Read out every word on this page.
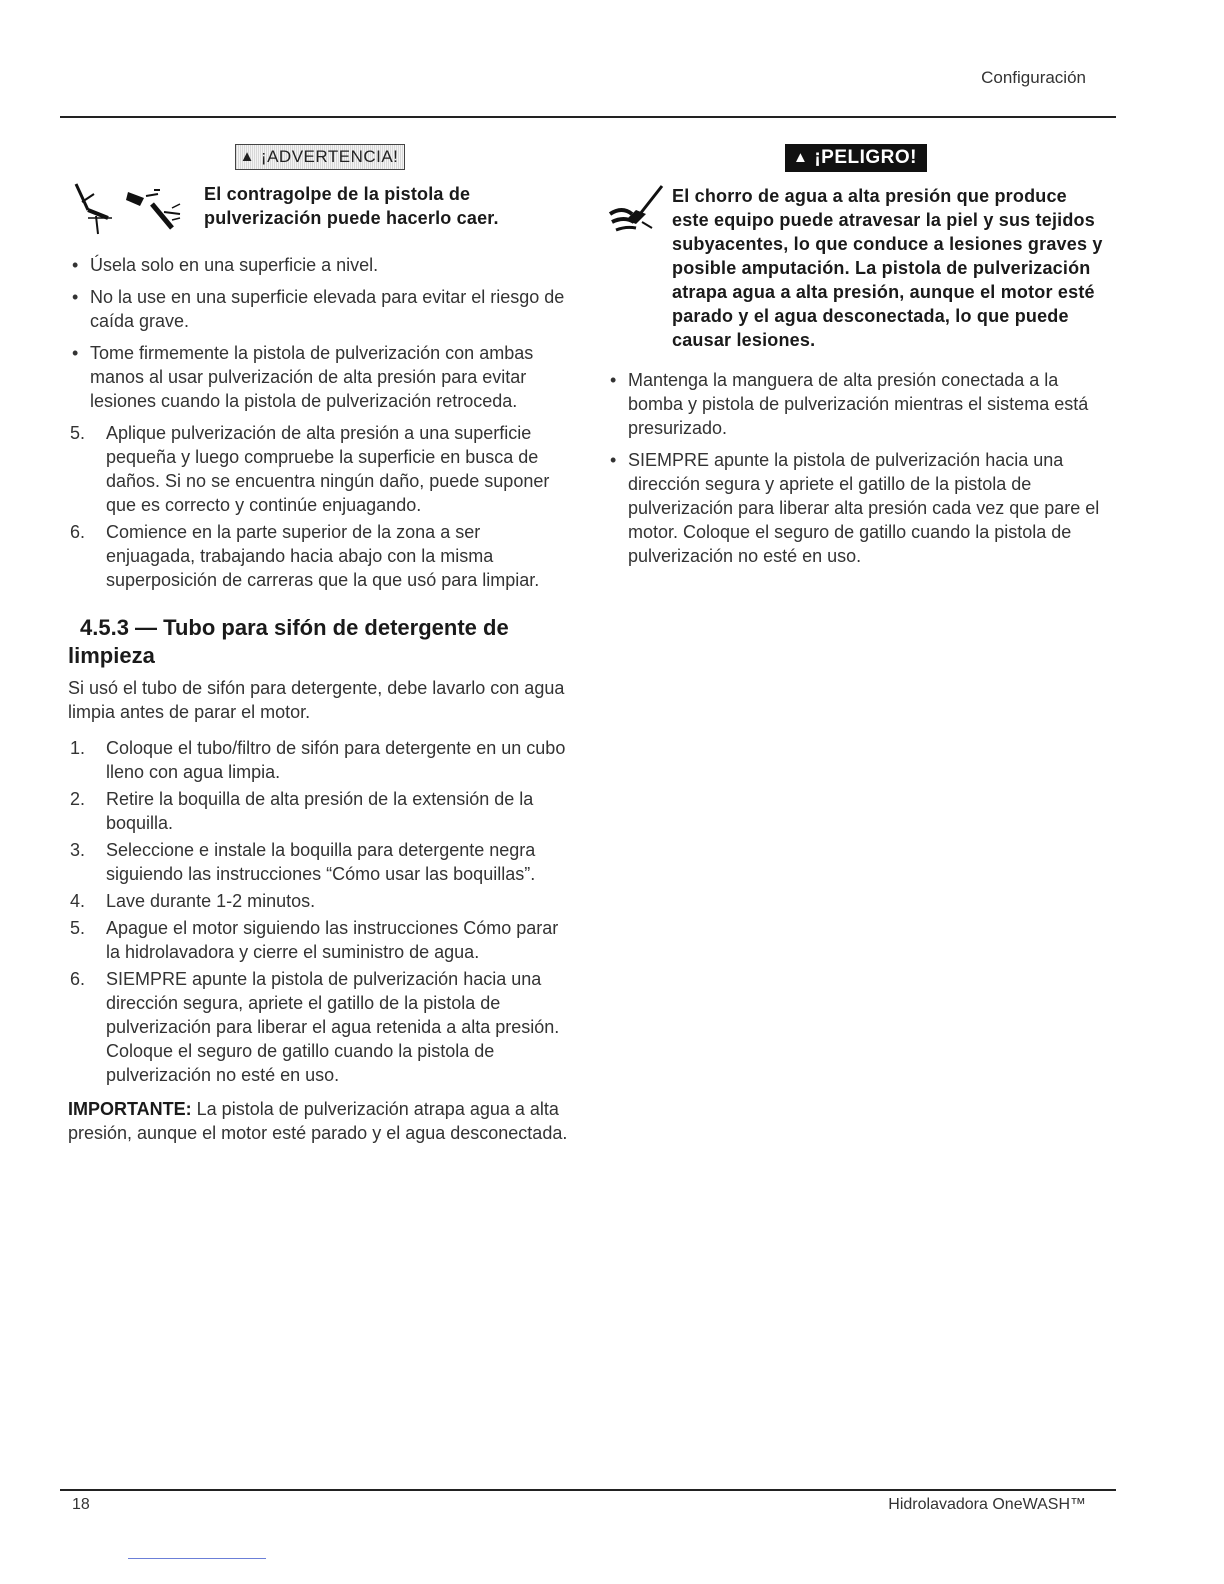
Configuración
▲ ¡ADVERTENCIA!
El contragolpe de la pistola de pulverización puede hacerlo caer.
• Úsela solo en una superficie a nivel.
• No la use en una superficie elevada para evitar el riesgo de caída grave.
• Tome firmemente la pistola de pulverización con ambas manos al usar pulverización de alta presión para evitar lesiones cuando la pistola de pulverización retroceda.
5. Aplique pulverización de alta presión a una superficie pequeña y luego compruebe la superficie en busca de daños. Si no se encuentra ningún daño, puede suponer que es correcto y continúe enjuagando.
6. Comience en la parte superior de la zona a ser enjuagada, trabajando hacia abajo con la misma superposición de carreras que la que usó para limpiar.
4.5.3 — Tubo para sifón de detergente de
limpieza

Si usó el tubo de sifón para detergente, debe lavarlo con agua limpia antes de parar el motor.

1. Coloque el tubo/filtro de sifón para detergente en un cubo lleno con agua limpia.
2. Retire la boquilla de alta presión de la extensión de la boquilla.
3. Seleccione e instale la boquilla para detergente negra siguiendo las instrucciones “Cómo usar las boquillas”.
4. Lave durante 1-2 minutos.
5. Apague el motor siguiendo las instrucciones Cómo parar la hidrolavadora y cierre el suministro de agua.
6. SIEMPRE apunte la pistola de pulverización hacia una dirección segura, apriete el gatillo de la pistola de pulverización para liberar el agua retenida a alta presión. Coloque el seguro de gatillo cuando la pistola de pulverización no esté en uso.

IMPORTANTE: La pistola de pulverización atrapa agua a alta presión, aunque el motor esté parado y el agua desconectada.

▲ ¡PELIGRO!
El chorro de agua a alta presión que produce este equipo puede atravesar la piel y sus tejidos subyacentes, lo que conduce a lesiones graves y posible amputación. La pistola de pulverización atrapa agua a alta presión, aunque el motor esté parado y el agua desconectada, lo que puede causar lesiones.
• Mantenga la manguera de alta presión conectada a la bomba y pistola de pulverización mientras el sistema está presurizado.
• SIEMPRE apunte la pistola de pulverización hacia una dirección segura y apriete el gatillo de la pistola de pulverización para liberar alta presión cada vez que pare el motor. Coloque el seguro de gatillo cuando la pistola de pulverización no esté en uso.
18	Hidrolavadora OneWASH™
